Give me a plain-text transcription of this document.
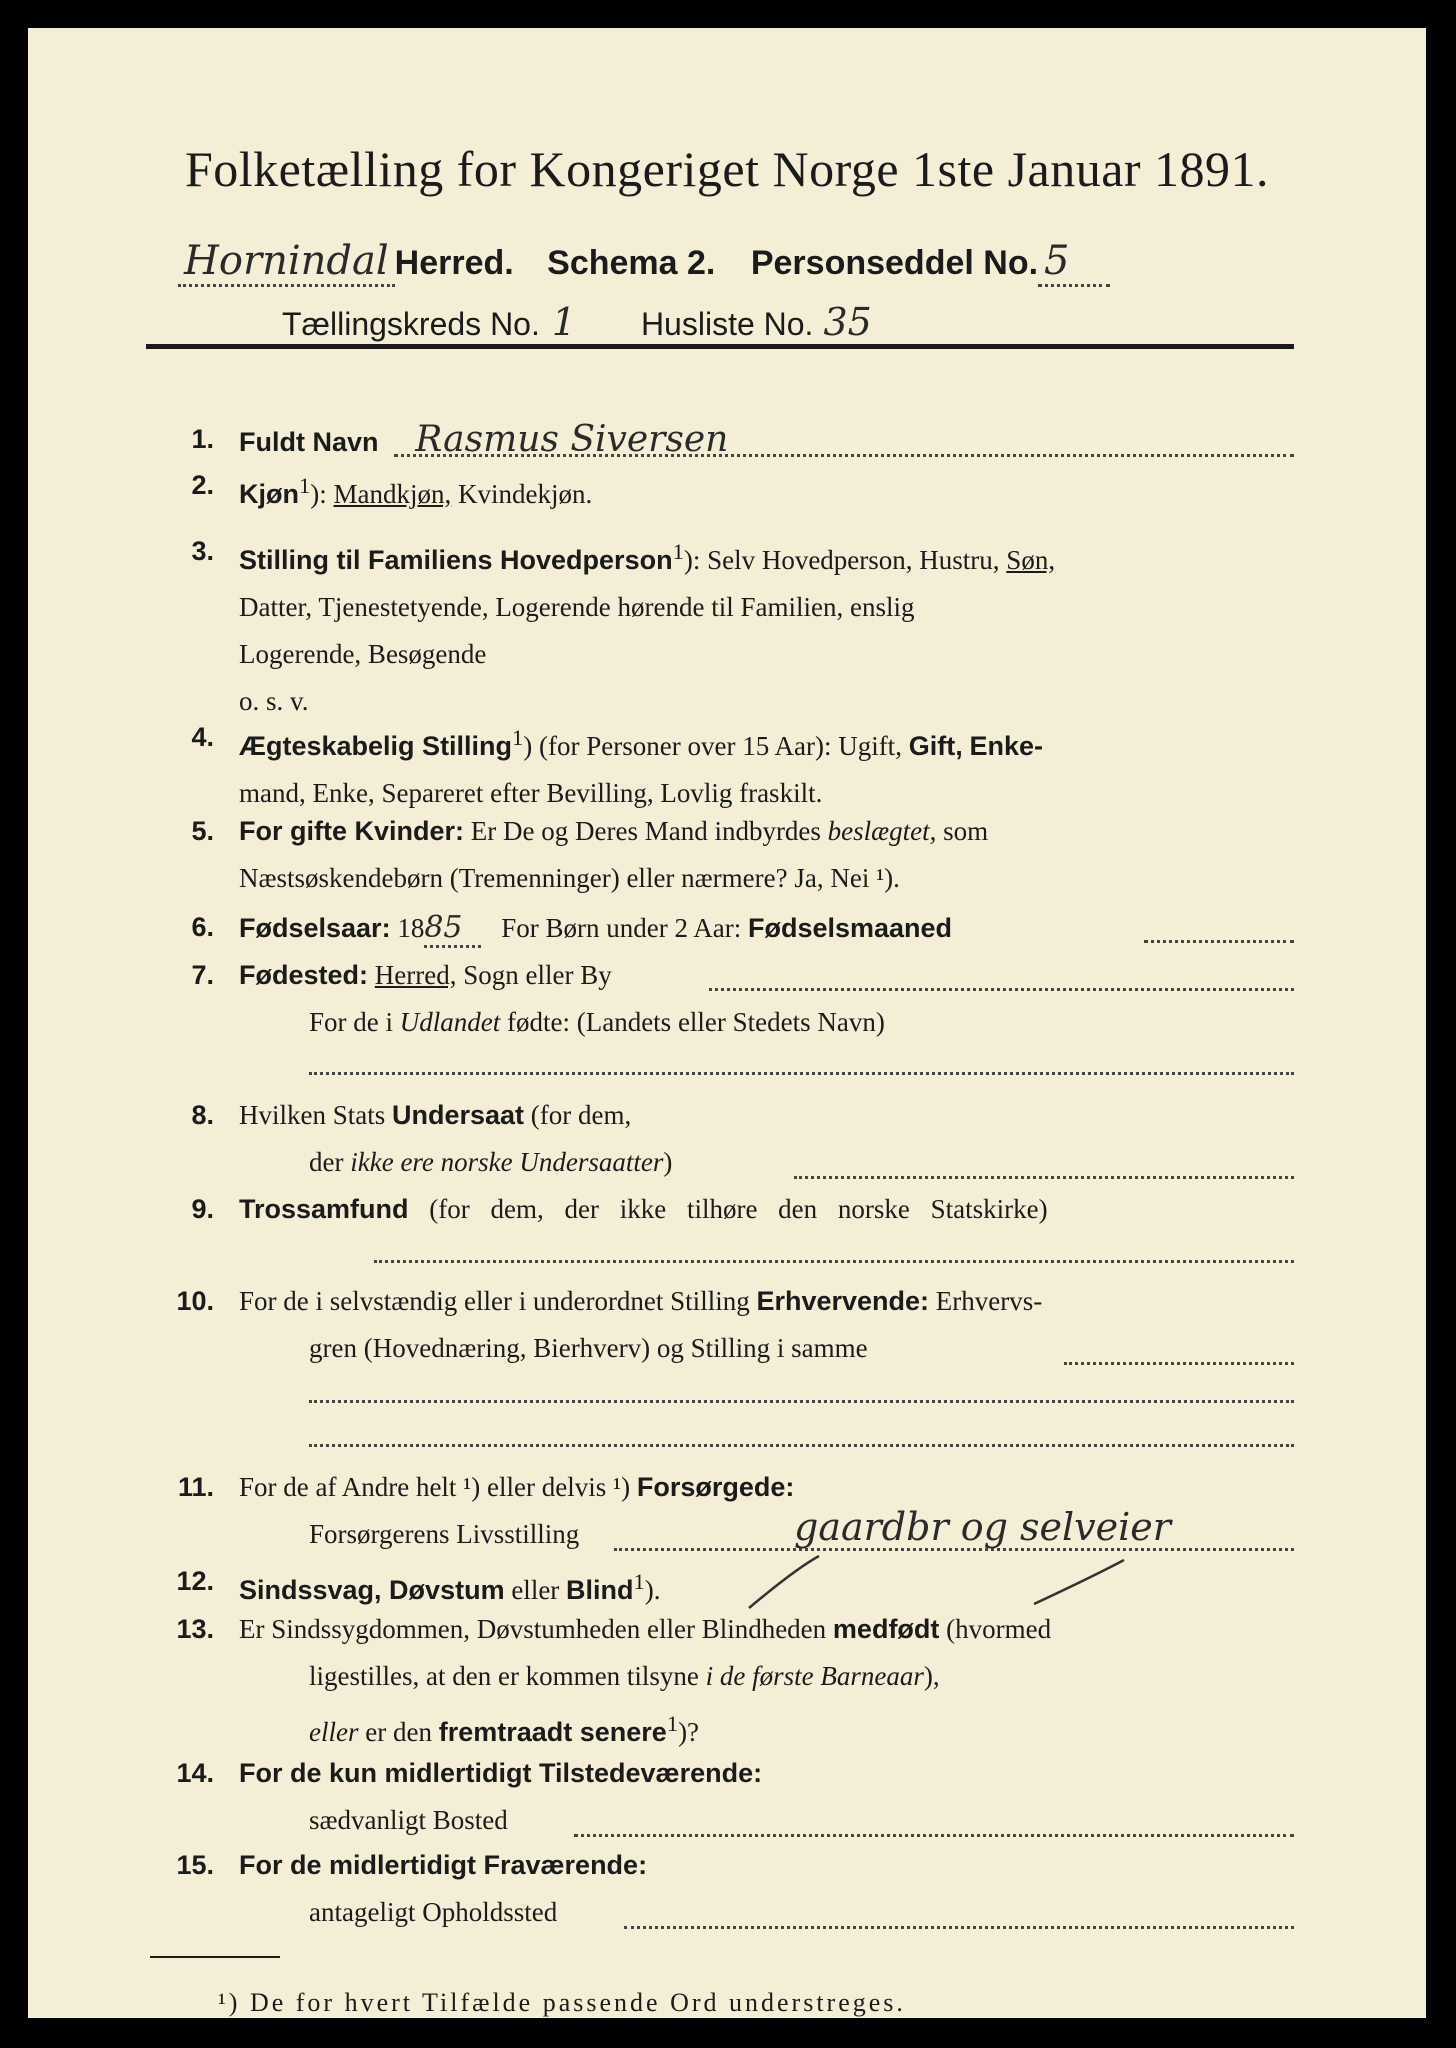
Folketælling for Kongeriget Norge 1ste Januar 1891.
Hornindal Herred. Schema 2. Personseddel No. 5
Tællingskreds No. 1 Husliste No. 35
1. Fuldt Navn Rasmus Siversen
2. Kjøn$^1$): Mandkjøn, Kvindekjøn.
3. Stilling til Familiens Hovedperson$^1$): Selv Hovedperson, Hustru, Søn,
Datter, Tjenestetyende, Logerende hørende til Familien, enslig
Logerende, Besøgende
o. s. v.
4. Ægteskabelig Stilling$^1$) (for Personer over 15 Aar): Ugift, Gift, Enke-
mand, Enke, Separeret efter Bevilling, Lovlig fraskilt.
5. For gifte Kvinder: Er De og Deres Mand indbyrdes beslægtet, som
Næstsøskendebørn (Tremenninger) eller nærmere? Ja, Nei ¹).
6. Fødselsaar: 1885 For Børn under 2 Aar: Fødselsmaaned
7. Fødested: Herred, Sogn eller By
For de i Udlandet fødte: (Landets eller Stedets Navn)
8. Hvilken Stats Undersaat (for dem,
der ikke ere norske Undersaatter)
9. Trossamfund (for dem, der ikke tilhøre den norske Statskirke)
10. For de i selvstændig eller i underordnet Stilling Erhvervende: Erhvervs-
gren (Hovednæring, Bierhverv) og Stilling i samme
11. For de af Andre helt ¹) eller delvis ¹) Forsørgede:
Forsørgerens Livsstilling	gaardbr og selveier
12. Sindssvag, Døvstum eller Blind$^1$).
13. Er Sindssygdommen, Døvstumheden eller Blindheden medfødt (hvormed
ligestilles, at den er kommen tilsyne i de første Barneaar),
eller er den fremtraadt senere$^1$)?
14. For de kun midlertidigt Tilstedeværende:
sædvanligt Bosted
15. For de midlertidigt Fraværende:
antageligt Opholdssted
¹) De for hvert Tilfælde passende Ord understreges.
